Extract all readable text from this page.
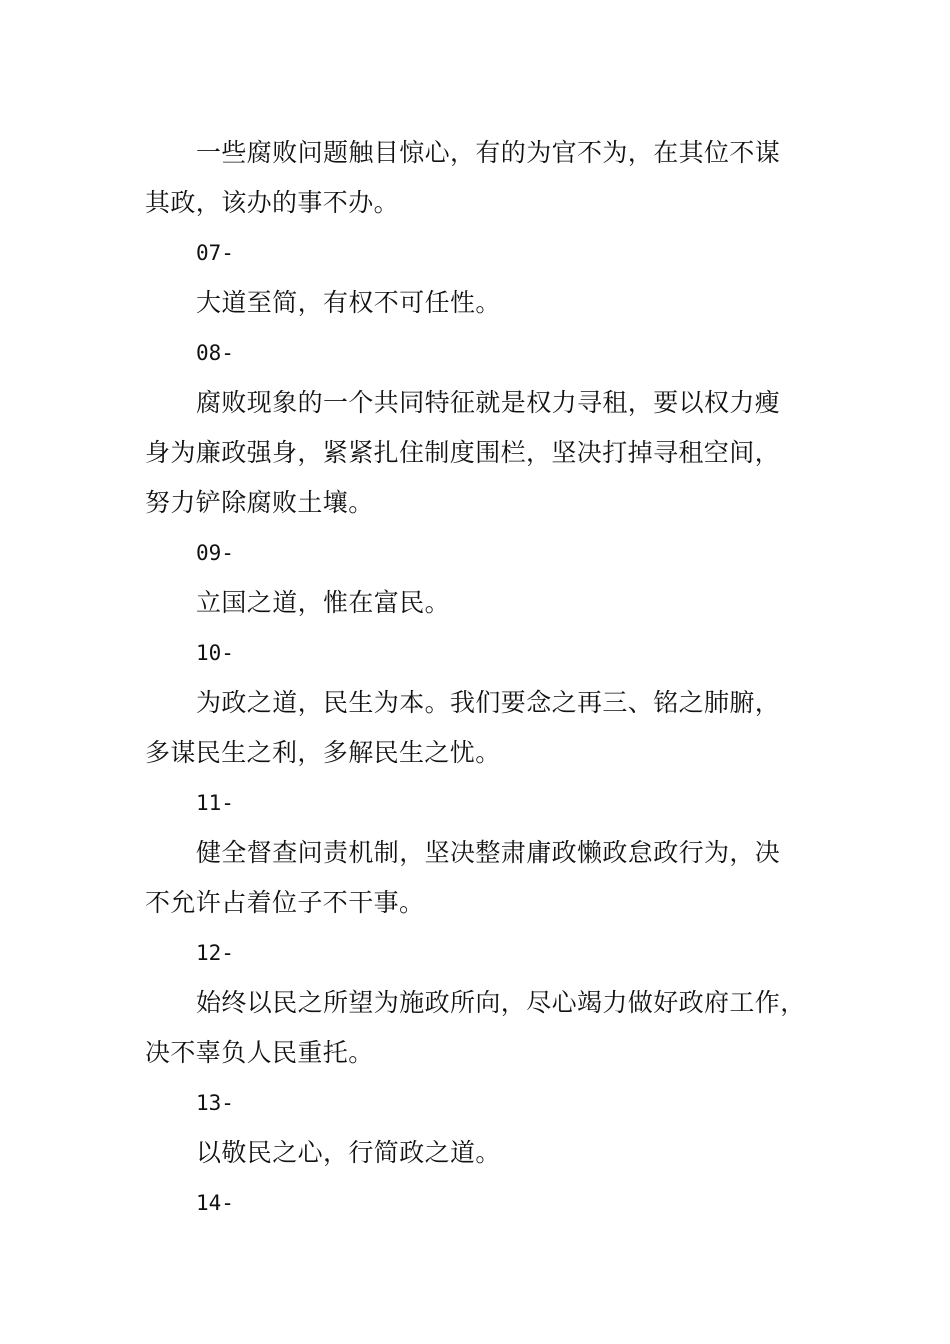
一些腐败问题触目惊心，有的为官不为，在其位不谋
其政，该办的事不办。
07-
大道至简，有权不可任性。
08-
腐败现象的一个共同特征就是权力寻租，要以权力瘦
身为廉政强身，紧紧扎住制度围栏，坚决打掉寻租空间，
努力铲除腐败土壤。
09-
立国之道，惟在富民。
10-
为政之道，民生为本。我们要念之再三、铭之肺腑，
多谋民生之利，多解民生之忧。
11-
健全督查问责机制，坚决整肃庸政懒政怠政行为，决
不允许占着位子不干事。
12-
始终以民之所望为施政所向，尽心竭力做好政府工作，
决不辜负人民重托。
13-
以敬民之心，行简政之道。
14-
